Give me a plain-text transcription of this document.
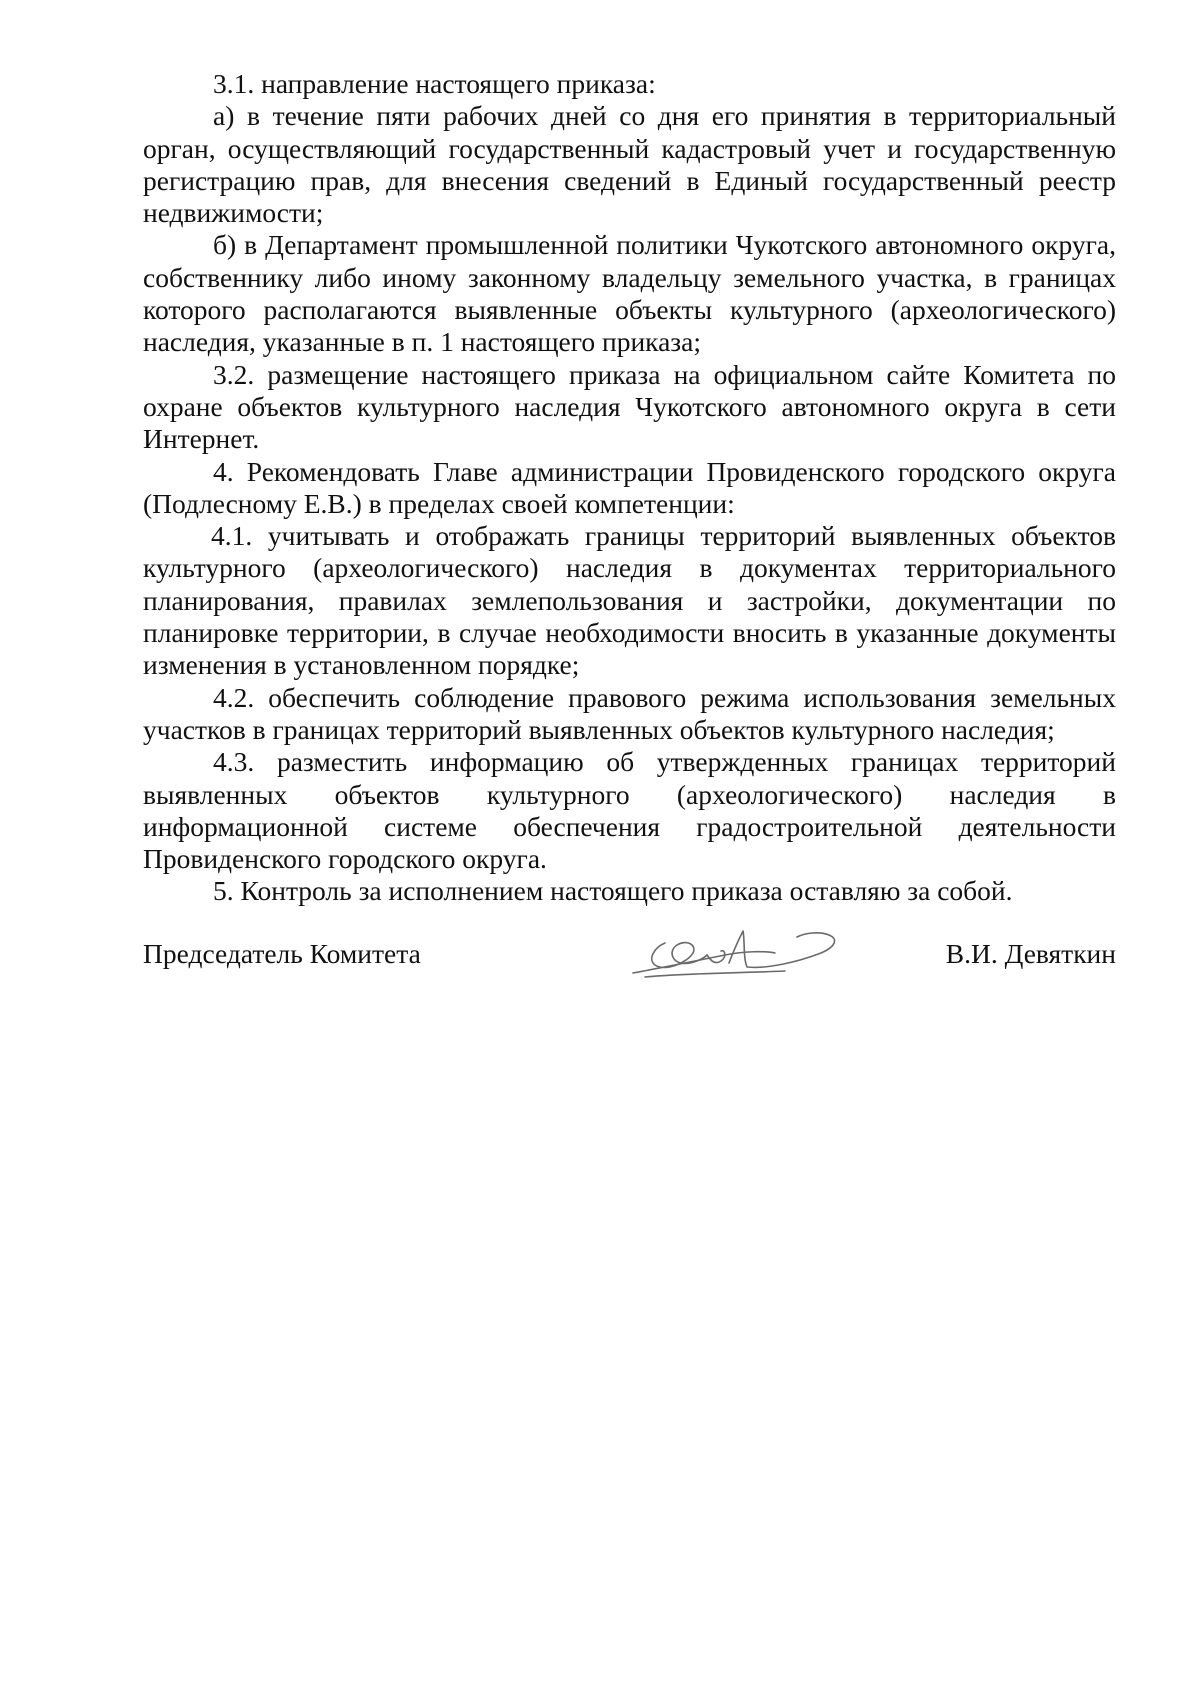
3.1. направление настоящего приказа:

а) в течение пяти рабочих дней со дня его принятия в территориальный орган, осуществляющий государственный кадастровый учет и государственную регистрацию прав, для внесения сведений в Единый государственный реестр недвижимости;

б) в Департамент промышленной политики Чукотского автономного округа, собственнику либо иному законному владельцу земельного участка, в границах которого располагаются выявленные объекты культурного (археологического) наследия, указанные в п. 1 настоящего приказа;

3.2. размещение настоящего приказа на официальном сайте Комитета по охране объектов культурного наследия Чукотского автономного округа в сети Интернет.

4. Рекомендовать Главе администрации Провиденского городского округа (Подлесному Е.В.) в пределах своей компетенции:

4.1. учитывать и отображать границы территорий выявленных объектов культурного (археологического) наследия в документах территориального планирования, правилах землепользования и застройки, документации по планировке территории, в случае необходимости вносить в указанные документы изменения в установленном порядке;

4.2. обеспечить соблюдение правового режима использования земельных участков в границах территорий выявленных объектов культурного наследия;

4.3. разместить информацию об утвержденных границах территорий выявленных объектов культурного (археологического) наследия в информационной системе обеспечения градостроительной деятельности Провиденского городского округа.

5. Контроль за исполнением настоящего приказа оставляю за собой.

Председатель Комитета	В.И. Девяткин
